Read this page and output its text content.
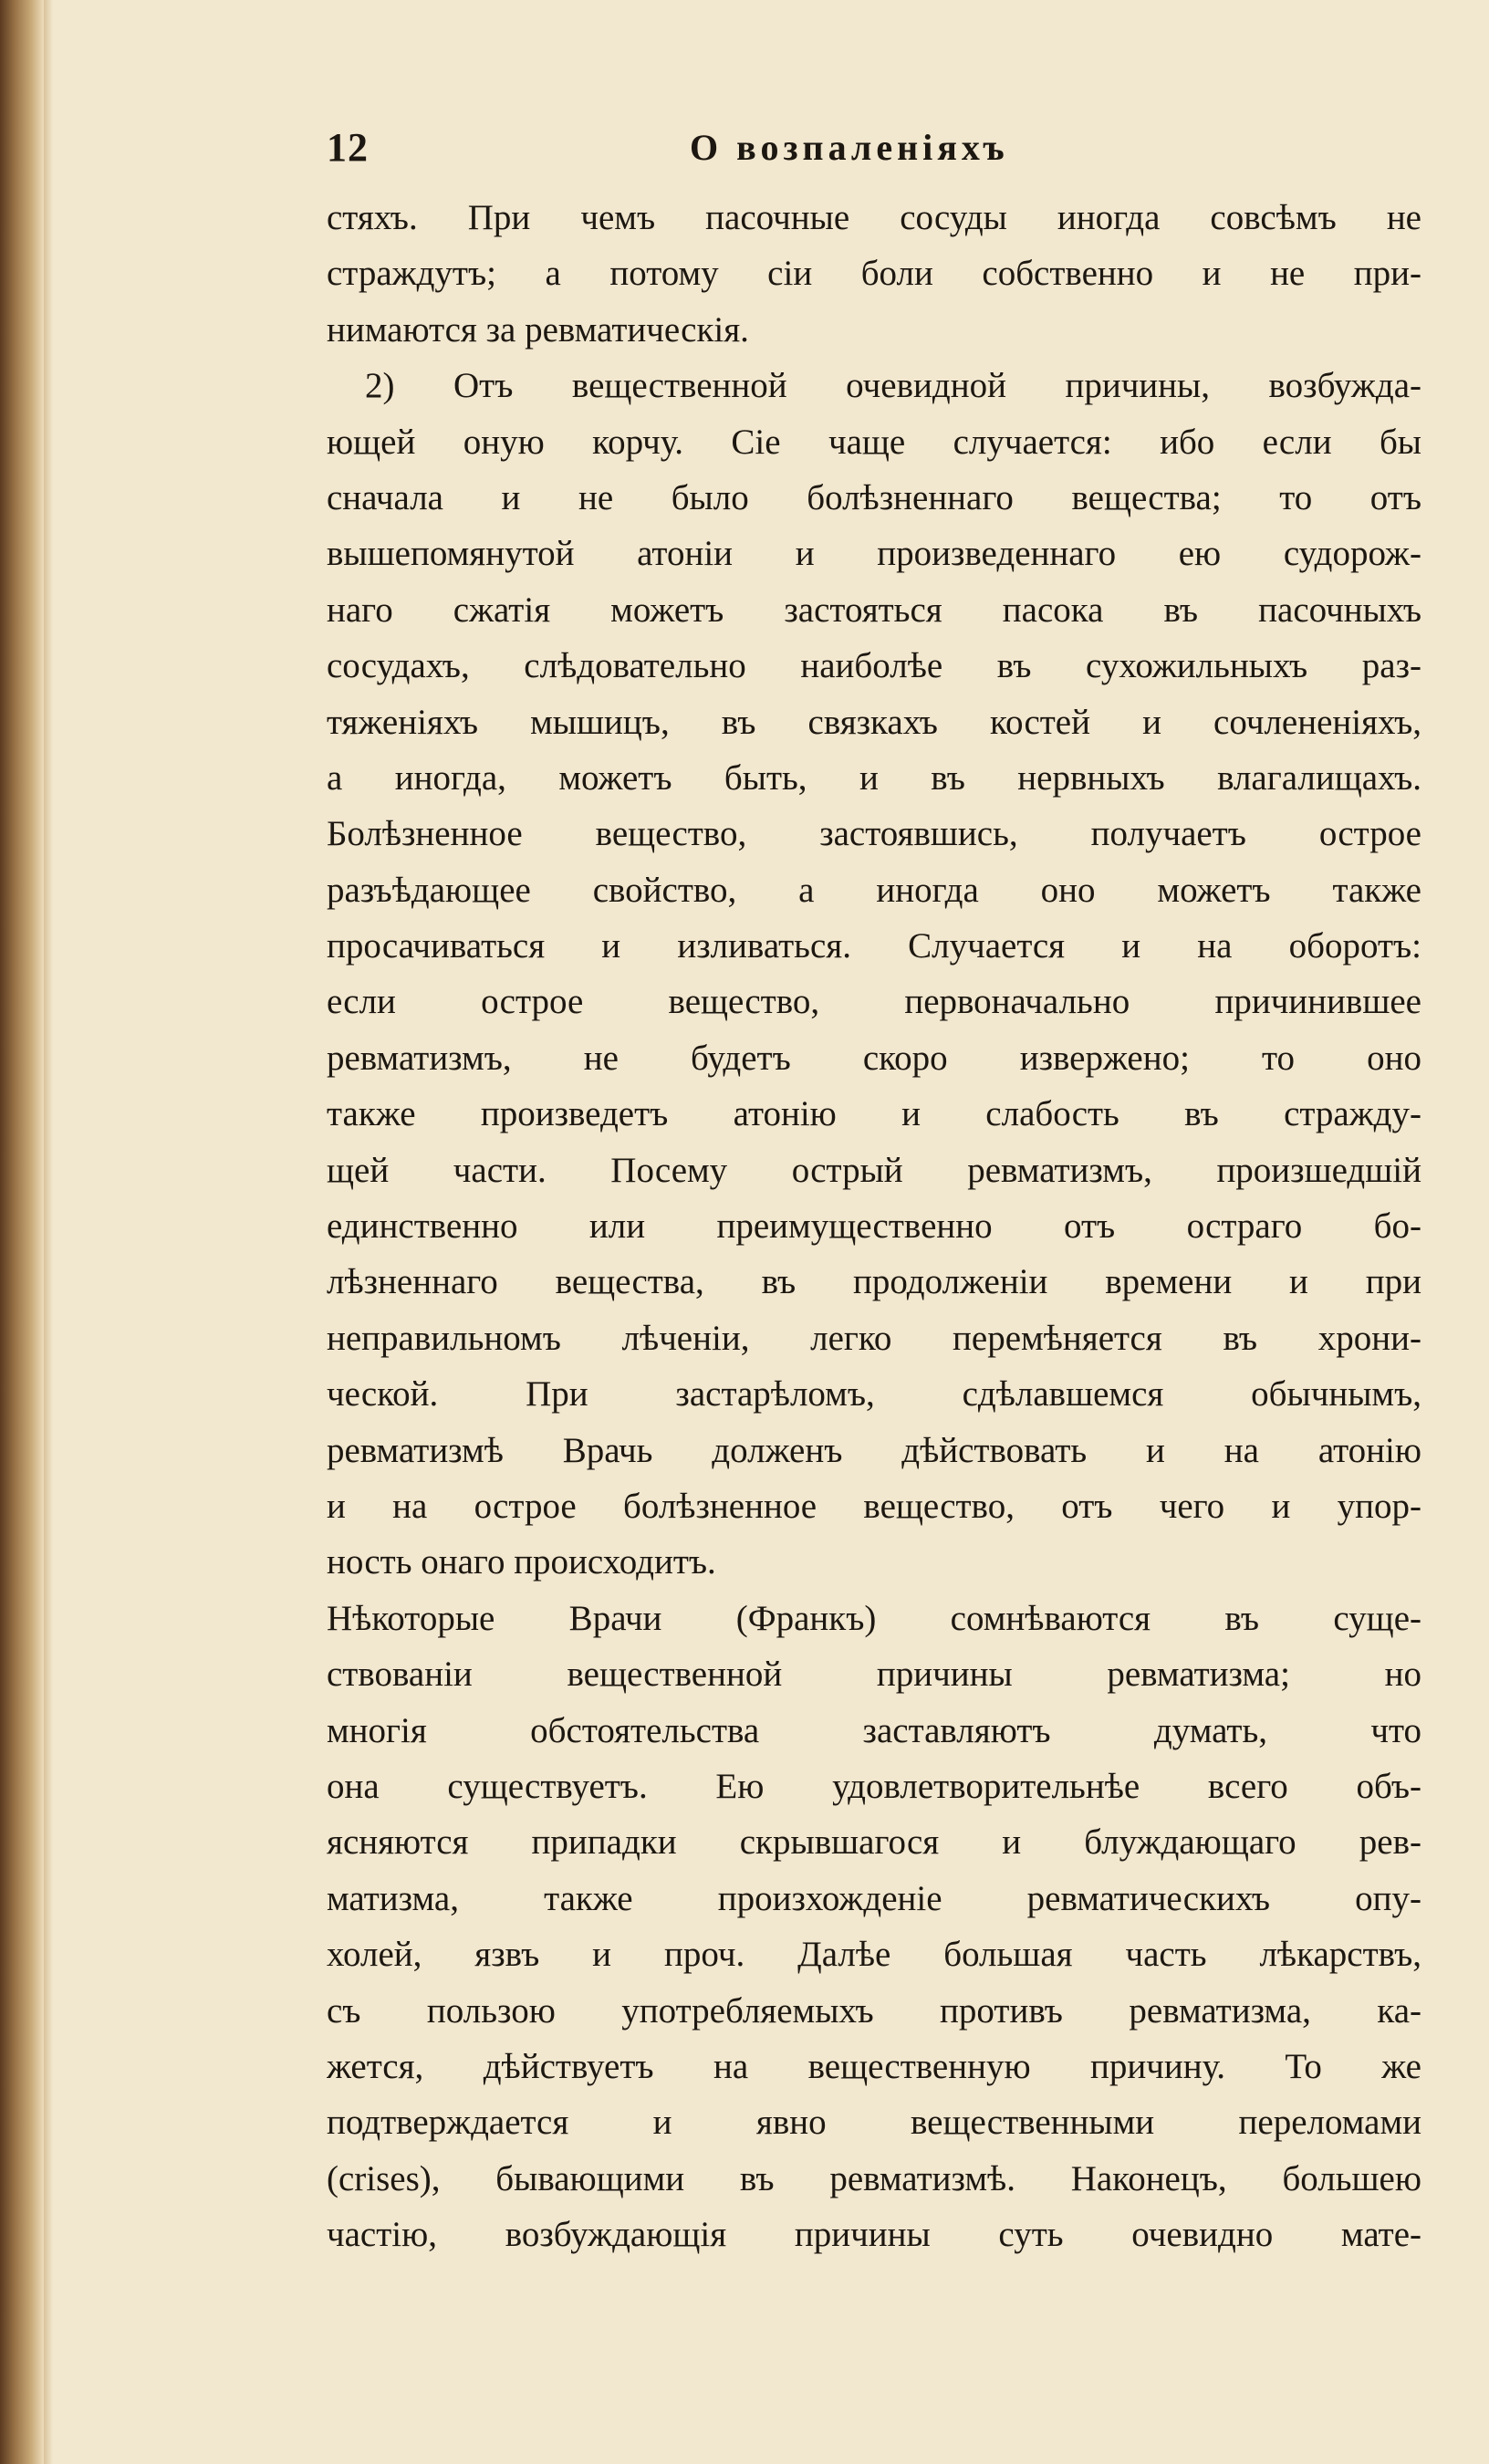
12	О возпаленіяхъ
стяхъ. При чемъ пасочные сосуды иногда совсѣмъ не
страждутъ; а потому сіи боли собственно и не при-
нимаются за ревматическія.
2) Отъ вещественной очевидной причины, возбужда-
ющей оную корчу. Сіе чаще случается: ибо если бы
сначала и не было болѣзненнаго вещества; то отъ
вышепомянутой атоніи и произведеннаго ею судорож-
наго сжатія можетъ застояться пасока въ пасочныхъ
сосудахъ, слѣдовательно наиболѣе въ сухожильныхъ раз-
тяженіяхъ мышицъ, въ связкахъ костей и сочлененіяхъ,
а иногда, можетъ быть, и въ нервныхъ влагалищахъ.
Болѣзненное вещество, застоявшись, получаетъ острое
разъѣдающее свойство, а иногда оно можетъ также
просачиваться и изливаться. Случается и на оборотъ:
если острое вещество, первоначально причинившее
ревматизмъ, не будетъ скоро извержено; то оно
также произведетъ атонію и слабость въ стражду-
щей части. Посему острый ревматизмъ, произшедшій
единственно или преимущественно отъ остраго бо-
лѣзненнаго вещества, въ продолженіи времени и при
неправильномъ лѣченіи, легко перемѣняется въ хрони-
ческой. При застарѣломъ, сдѣлавшемся обычнымъ,
ревматизмѣ Врачь долженъ дѣйствовать и на атонію
и на острое болѣзненное вещество, отъ чего и упор-
ность онаго происходитъ.
Нѣкоторые Врачи (Франкъ) сомнѣваются въ суще-
ствованіи вещественной причины ревматизма; но
многія обстоятельства заставляютъ думать, что
она существуетъ. Ею удовлетворительнѣе всего объ-
ясняются припадки скрывшагося и блуждающаго рев-
матизма, также произхожденіе ревматическихъ опу-
холей, язвъ и проч. Далѣе большая часть лѣкарствъ,
съ пользою употребляемыхъ противъ ревматизма, ка-
жется, дѣйствуетъ на вещественную причину. То же
подтверждается и явно вещественными переломами
(crises), бывающими въ ревматизмѣ. Наконецъ, большею
частію, возбуждающія причины суть очевидно мате-
